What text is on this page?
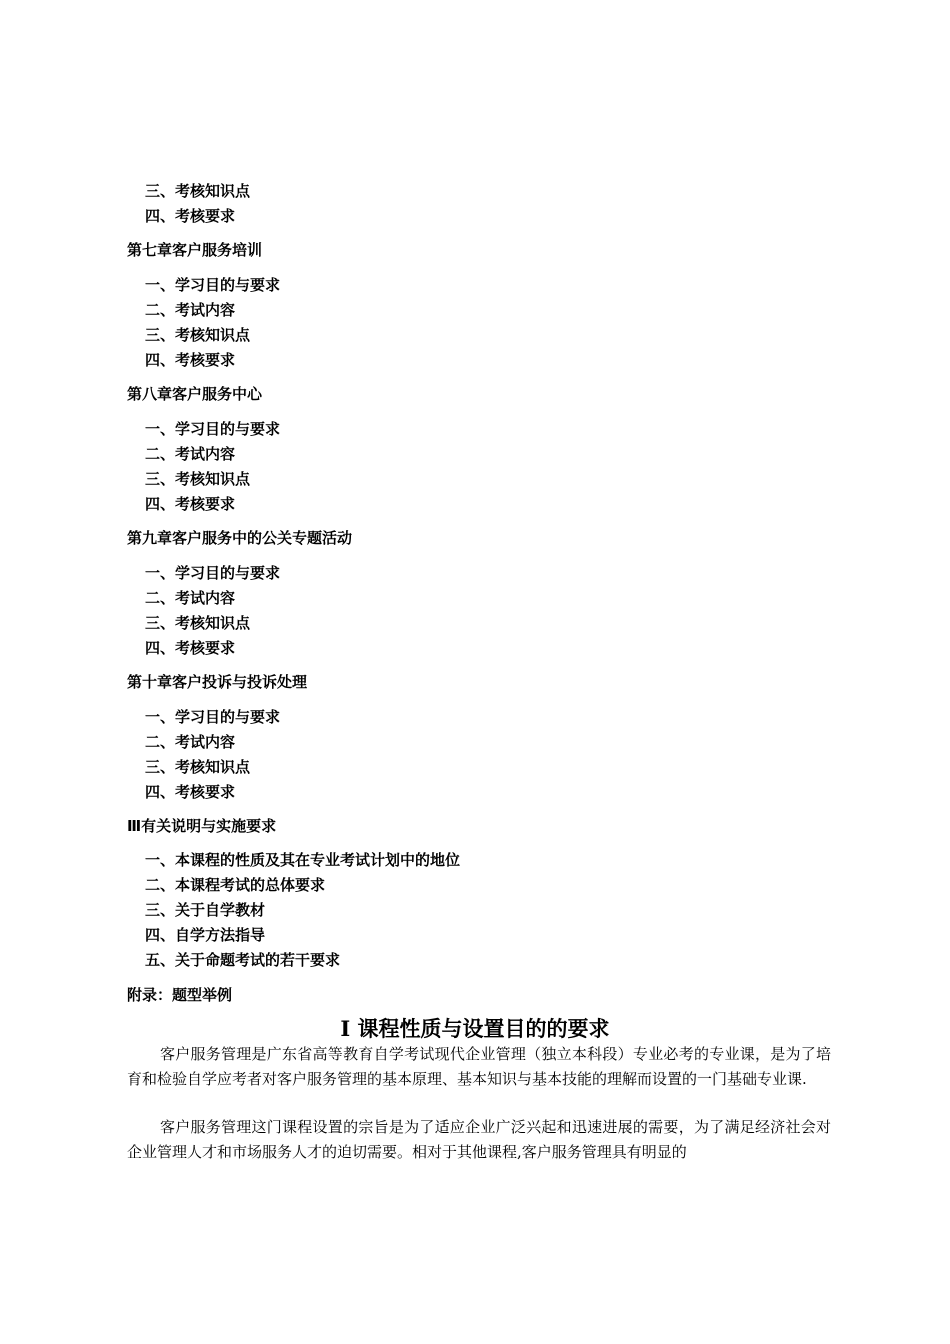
三、考核知识点
四、考核要求
第七章客户服务培训
一、学习目的与要求
二、考试内容
三、考核知识点
四、考核要求
第八章客户服务中心
一、学习目的与要求
二、考试内容
三、考核知识点
四、考核要求
第九章客户服务中的公关专题活动
一、学习目的与要求
二、考试内容
三、考核知识点
四、考核要求
第十章客户投诉与投诉处理
一、学习目的与要求
二、考试内容
三、考核知识点
四、考核要求
Ⅲ有关说明与实施要求
一、本课程的性质及其在专业考试计划中的地位
二、本课程考试的总体要求
三、关于自学教材
四、自学方法指导
五、关于命题考试的若干要求
附录：题型举例
Ⅰ 课程性质与设置目的的要求

客户服务管理是广东省高等教育自学考试现代企业管理（独立本科段）专业必考的专业课，是为了培育和检验自学应考者对客户服务管理的基本原理、基本知识与基本技能的理解而设置的一门基础专业课.

客户服务管理这门课程设置的宗旨是为了适应企业广泛兴起和迅速进展的需要，为了满足经济社会对企业管理人才和市场服务人才的迫切需要。相对于其他课程,客户服务管理具有明显的
